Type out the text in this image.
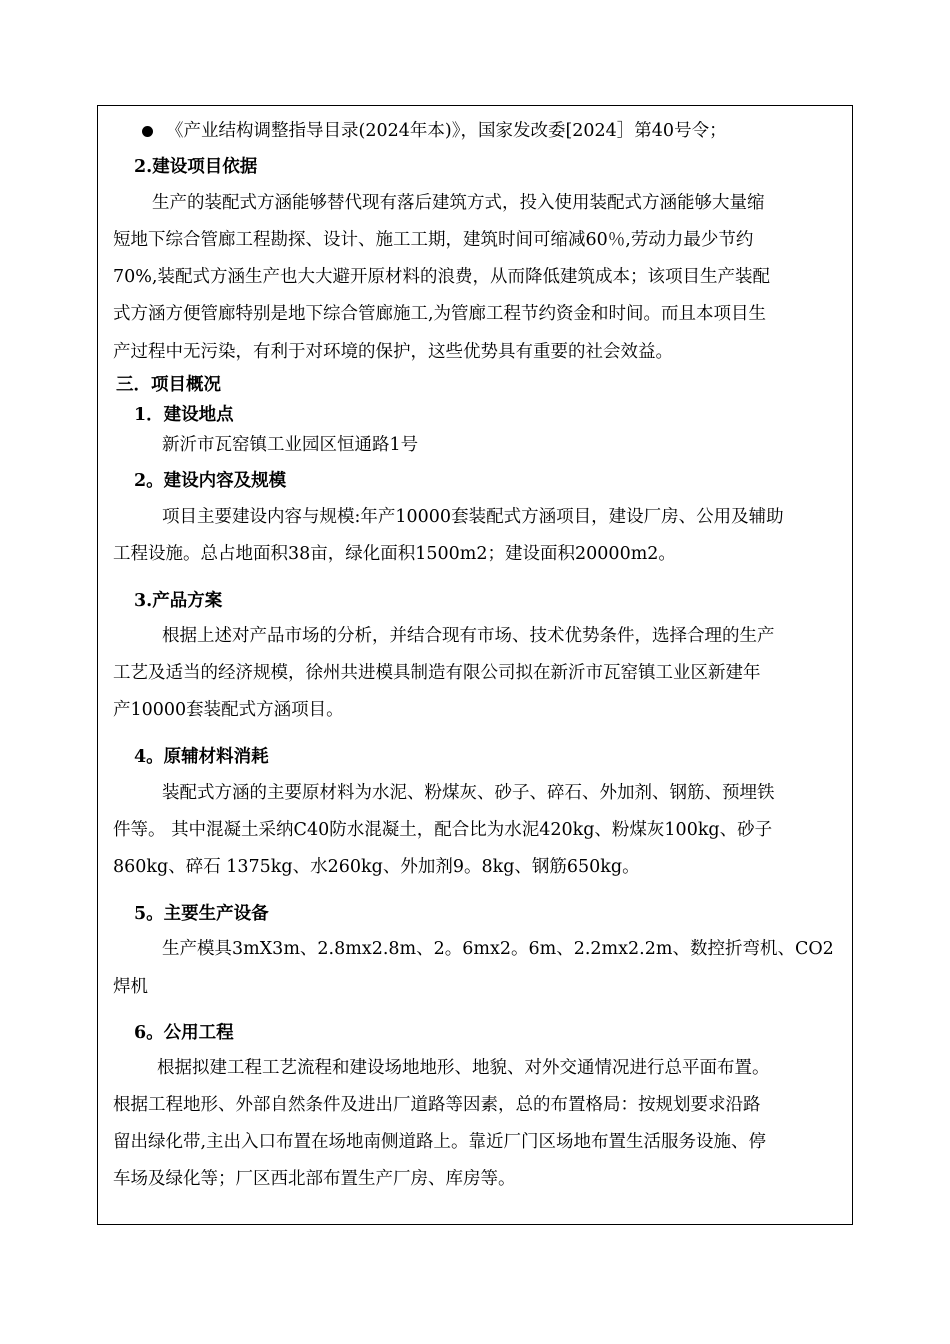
《产业结构调整指导目录(2024年本)》，国家发改委[2024］第40号令；
2.建设项目依据
生产的装配式方涵能够替代现有落后建筑方式，投入使用装配式方涵能够大量缩
短地下综合管廊工程勘探、设计、施工工期，建筑时间可缩减60％,劳动力最少节约
70%,装配式方涵生产也大大避开原材料的浪费，从而降低建筑成本；该项目生产装配
式方涵方便管廊特别是地下综合管廊施工,为管廊工程节约资金和时间。而且本项目生
产过程中无污染，有利于对环境的保护，这些优势具有重要的社会效益。
三．项目概况
1．建设地点
新沂市瓦窑镇工业园区恒通路1号
2。建设内容及规模
项目主要建设内容与规模:年产10000套装配式方涵项目，建设厂房、公用及辅助
工程设施。总占地面积38亩，绿化面积1500m2；建设面积20000m2。
3.产品方案
根据上述对产品市场的分析，并结合现有市场、技术优势条件，选择合理的生产
工艺及适当的经济规模，徐州共进模具制造有限公司拟在新沂市瓦窑镇工业区新建年
产10000套装配式方涵项目。
4。原辅材料消耗
装配式方涵的主要原材料为水泥、粉煤灰、砂子、碎石、外加剂、钢筋、预埋铁
件等。 其中混凝土采纳C40防水混凝土，配合比为水泥420kg、粉煤灰100kg、砂子
860kg、碎石 1375kg、水260kg、外加剂9。8kg、钢筋650kg。
5。主要生产设备
生产模具3mX3m、2.8mx2.8m、2。6mx2。6m、2.2mx2.2m、数控折弯机、CO2
焊机
6。公用工程
根据拟建工程工艺流程和建设场地地形、地貌、对外交通情况进行总平面布置。
根据工程地形、外部自然条件及进出厂道路等因素，总的布置格局：按规划要求沿路
留出绿化带,主出入口布置在场地南侧道路上。靠近厂门区场地布置生活服务设施、停
车场及绿化等；厂区西北部布置生产厂房、库房等。
